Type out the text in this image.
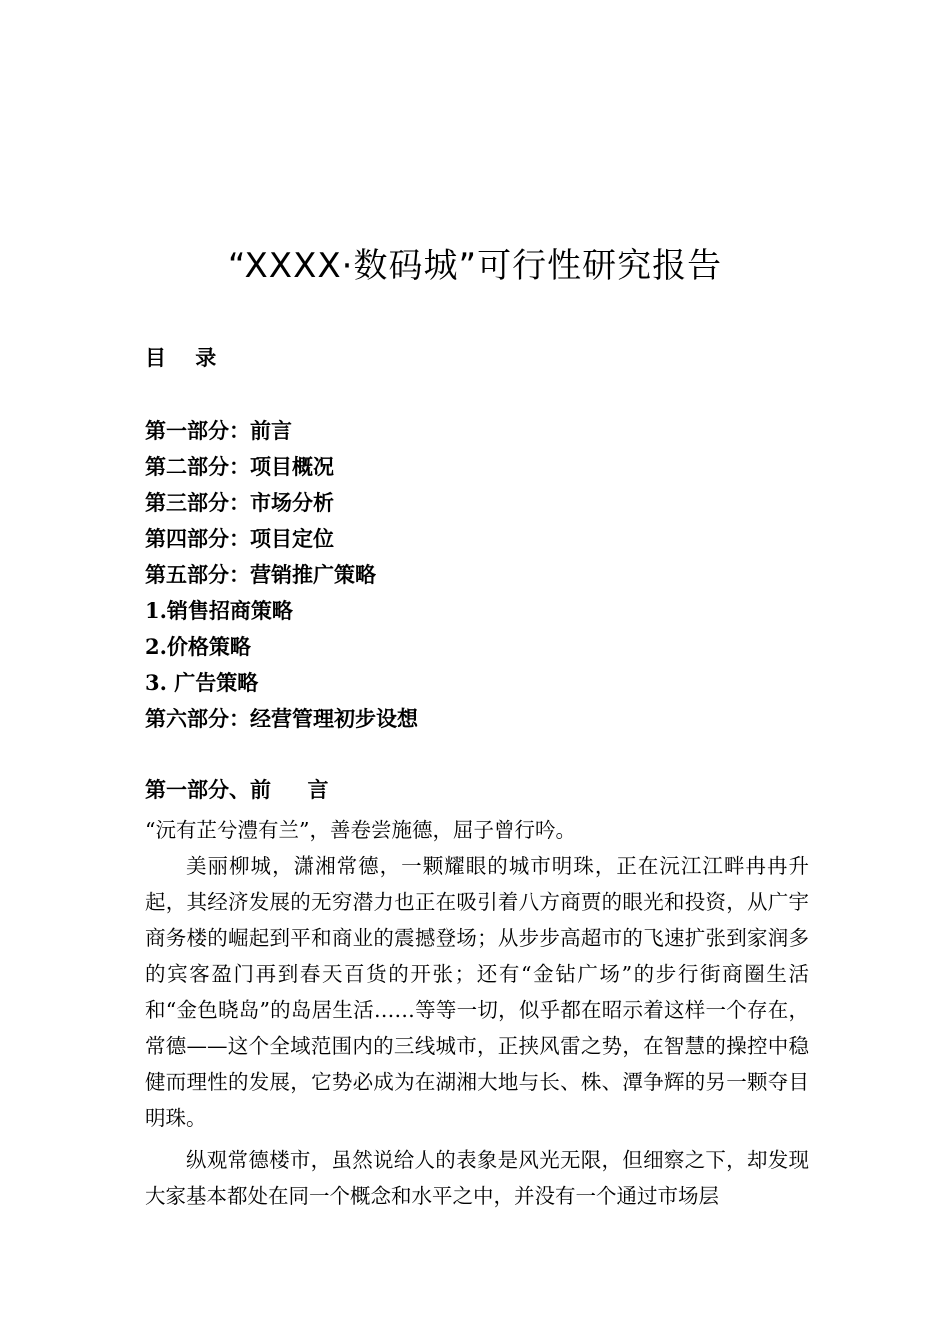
“XXXX·数码城”可行性研究报告
目    录
第一部分：前言
第二部分：项目概况
第三部分：市场分析
第四部分：项目定位
第五部分：营销推广策略
1.销售招商策略
2.价格策略
3. 广告策略
第六部分：经营管理初步设想
第一部分、前     言

“沅有芷兮澧有兰”，善卷尝施德，屈子曾行吟。

美丽柳城，潇湘常德，一颗耀眼的城市明珠，正在沅江江畔冉冉升起，其经济发展的无穷潜力也正在吸引着八方商贾的眼光和投资，从广宇商务楼的崛起到平和商业的震撼登场；从步步高超市的飞速扩张到家润多的宾客盈门再到春天百货的开张；还有“金钻广场”的步行街商圈生活和“金色晓岛”的岛居生活……等等一切，似乎都在昭示着这样一个存在，常德——这个全域范围内的三线城市，正挟风雷之势，在智慧的操控中稳健而理性的发展，它势必成为在湖湘大地与长、株、潭争辉的另一颗夺目明珠。

纵观常德楼市，虽然说给人的表象是风光无限，但细察之下，却发现大家基本都处在同一个概念和水平之中，并没有一个通过市场层
